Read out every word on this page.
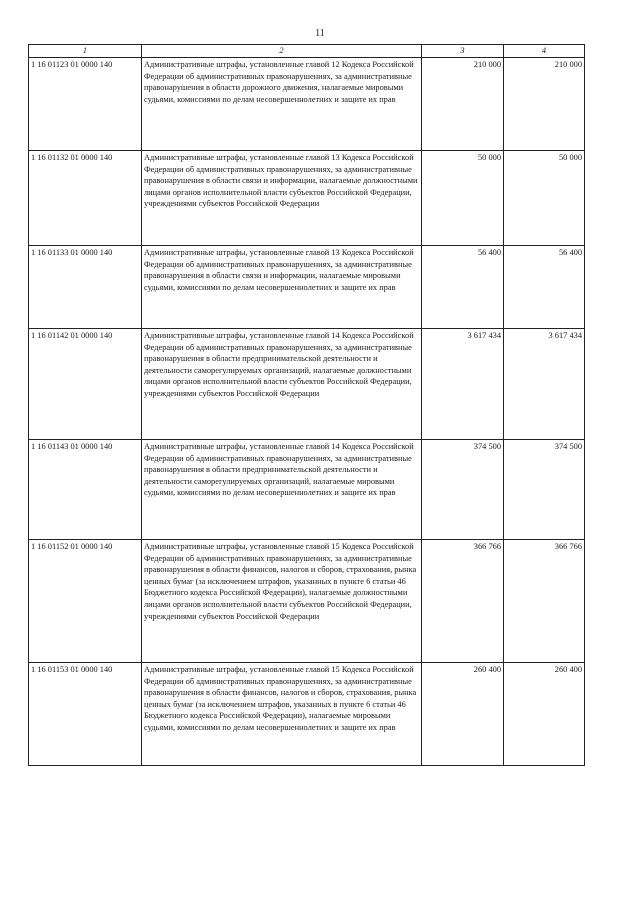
11
1	2	3	4
1 16 01123 01 0000 140	Административные штрафы, установленные главой 12 Кодекса Российской Федерации об административных правонарушениях, за административные правонарушения в области дорожного движения, налагаемые мировыми судьями, комиссиями по делам несовершеннолетних и защите их прав	210 000	210 000
1 16 01132 01 0000 140	Административные штрафы, установленные главой 13 Кодекса Российской Федерации об административных правонарушениях, за административные правонарушения в области связи и информации, налагаемые должностными лицами органов исполнительной власти субъектов Российской Федерации, учреждениями субъектов Российской Федерации	50 000	50 000
1 16 01133 01 0000 140	Административные штрафы, установленные главой 13 Кодекса Российской Федерации об административных правонарушениях, за административные правонарушения в области связи и информации, налагаемые мировыми судьями, комиссиями по делам несовершеннолетних и защите их прав	56 400	56 400
1 16 01142 01 0000 140	Административные штрафы, установленные главой 14 Кодекса Российской Федерации об административных правонарушениях, за административные правонарушения в области предпринимательской деятельности и деятельности саморегулируемых организаций, налагаемые должностными лицами органов исполнительной власти субъектов Российской Федерации, учреждениями субъектов Российской Федерации	3 617 434	3 617 434
1 16 01143 01 0000 140	Административные штрафы, установленные главой 14 Кодекса Российской Федерации об административных правонарушениях, за административные правонарушения в области предпринимательской деятельности и деятельности саморегулируемых организаций, налагаемые мировыми судьями, комиссиями по делам несовершеннолетних и защите их прав	374 500	374 500
1 16 01152 01 0000 140	Административные штрафы, установленные главой 15 Кодекса Российской Федерации об административных правонарушениях, за административные правонарушения в области финансов, налогов и сборов, страхования, рынка ценных бумаг (за исключением штрафов, указанных в пункте 6 статьи 46 Бюджетного кодекса Российской Федерации), налагаемые должностными лицами органов исполнительной власти субъектов Российской Федерации, учреждениями субъектов Российской Федерации	366 766	366 766
1 16 01153 01 0000 140	Административные штрафы, установленные главой 15 Кодекса Российской Федерации об административных правонарушениях, за административные правонарушения в области финансов, налогов и сборов, страхования, рынка ценных бумаг (за исключением штрафов, указанных в пункте 6 статьи 46 Бюджетного кодекса Российской Федерации), налагаемые мировыми судьями, комиссиями по делам несовершеннолетних и защите их прав	260 400	260 400
